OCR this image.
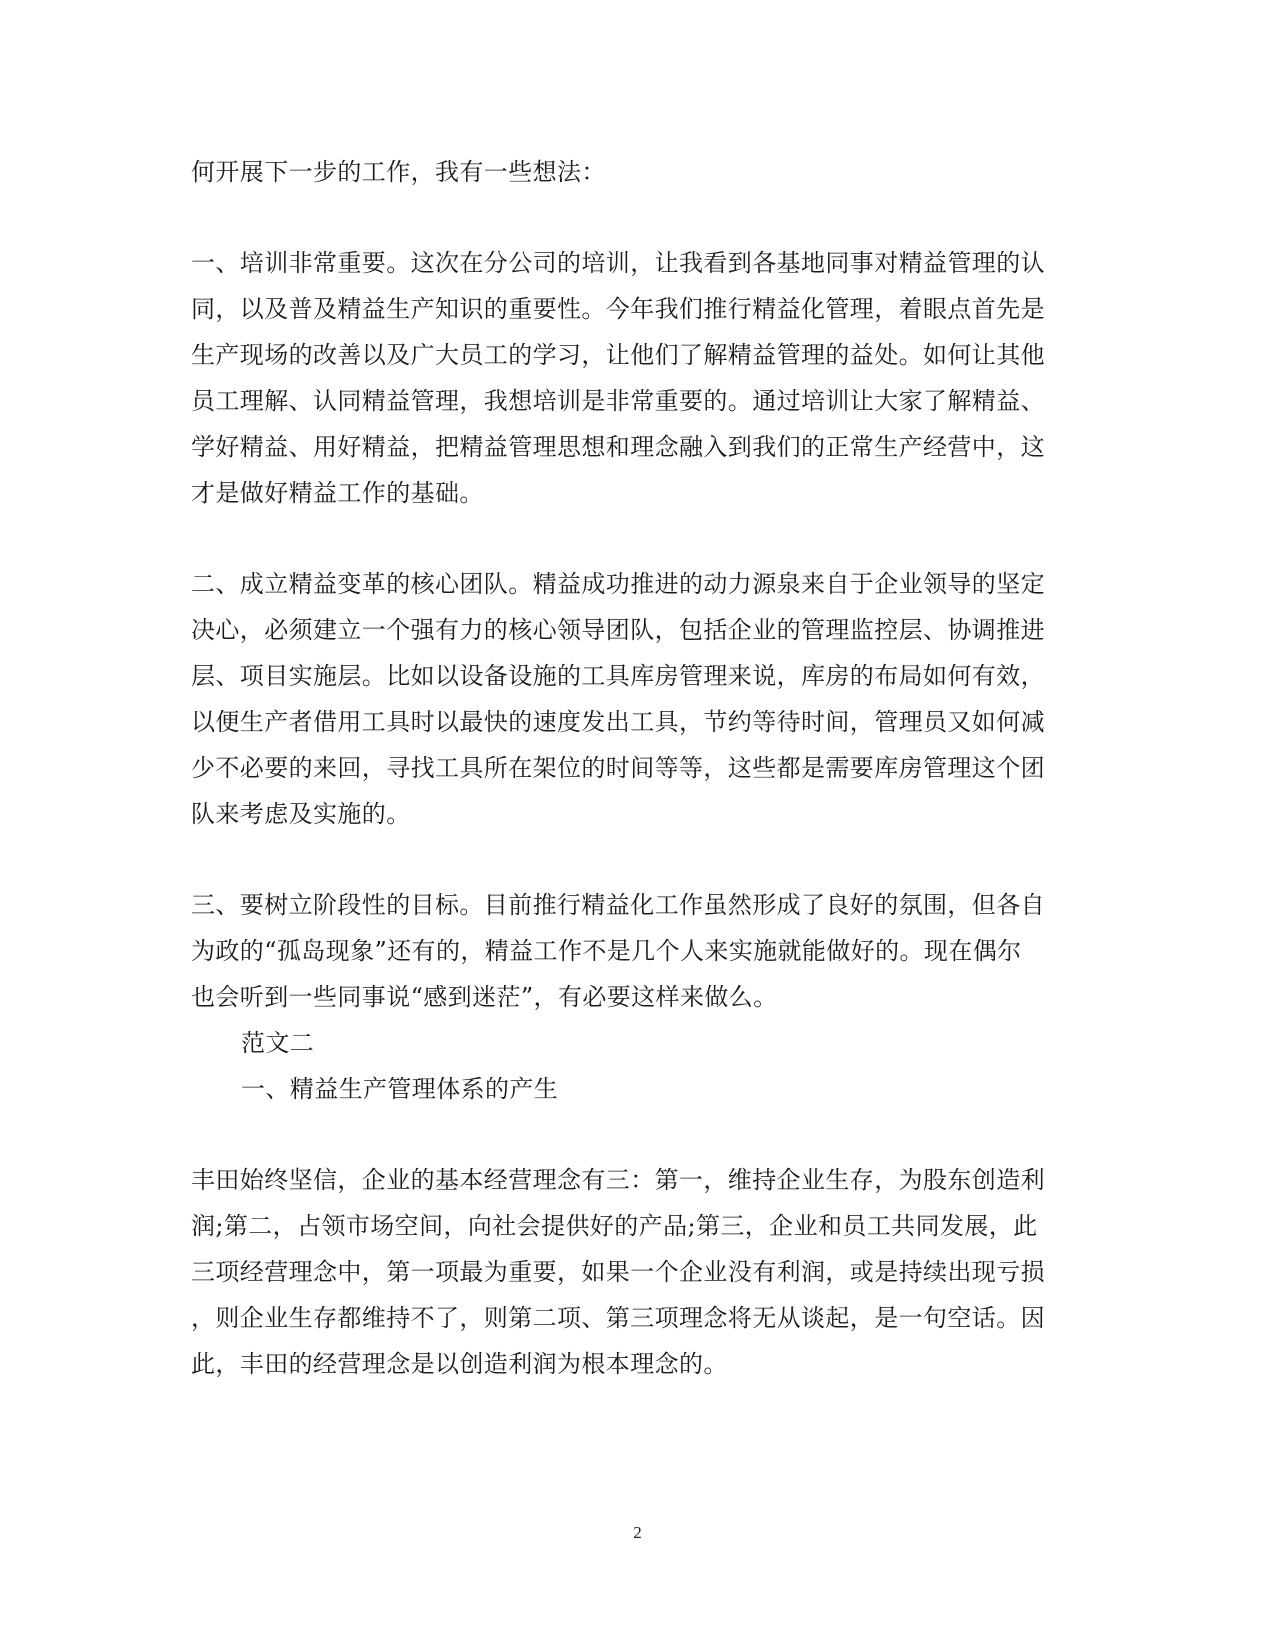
何开展下一步的工作，我有一些想法：
一、培训非常重要。这次在分公司的培训，让我看到各基地同事对精益管理的认
同，以及普及精益生产知识的重要性。今年我们推行精益化管理，着眼点首先是
生产现场的改善以及广大员工的学习，让他们了解精益管理的益处。如何让其他
员工理解、认同精益管理，我想培训是非常重要的。通过培训让大家了解精益、
学好精益、用好精益，把精益管理思想和理念融入到我们的正常生产经营中，这
才是做好精益工作的基础。
二、成立精益变革的核心团队。精益成功推进的动力源泉来自于企业领导的坚定
决心，必须建立一个强有力的核心领导团队，包括企业的管理监控层、协调推进
层、项目实施层。比如以设备设施的工具库房管理来说，库房的布局如何有效，
以便生产者借用工具时以最快的速度发出工具，节约等待时间，管理员又如何减
少不必要的来回，寻找工具所在架位的时间等等，这些都是需要库房管理这个团
队来考虑及实施的。
三、要树立阶段性的目标。目前推行精益化工作虽然形成了良好的氛围，但各自
为政的“孤岛现象”还有的，精益工作不是几个人来实施就能做好的。现在偶尔
也会听到一些同事说“感到迷茫”，有必要这样来做么。
范文二
一、精益生产管理体系的产生
丰田始终坚信，企业的基本经营理念有三：第一，维持企业生存，为股东创造利
润;第二，占领市场空间，向社会提供好的产品;第三，企业和员工共同发展，此
三项经营理念中，第一项最为重要，如果一个企业没有利润，或是持续出现亏损
，则企业生存都维持不了，则第二项、第三项理念将无从谈起，是一句空话。因
此，丰田的经营理念是以创造利润为根本理念的。
2
